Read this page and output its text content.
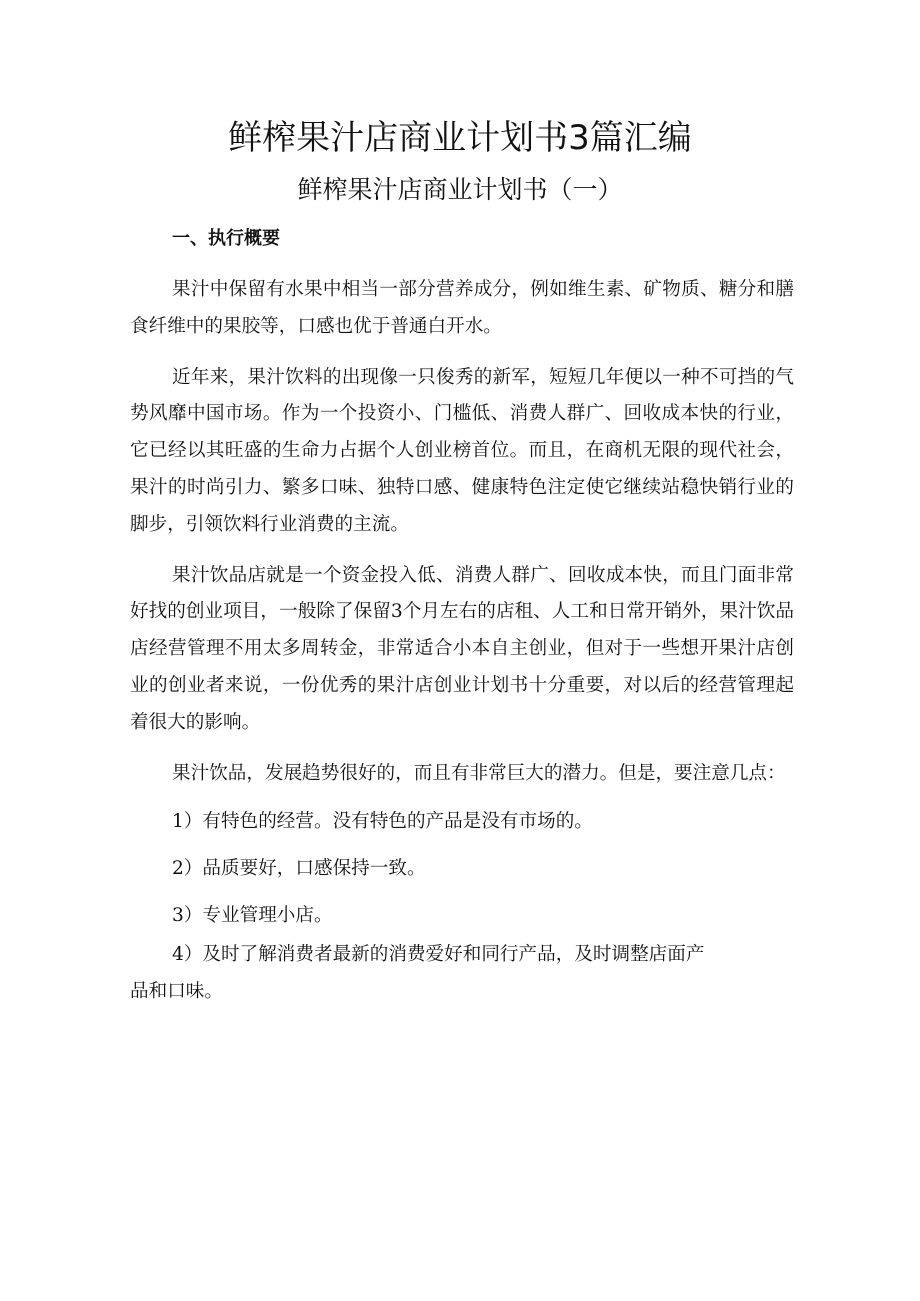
鲜榨果汁店商业计划书3篇汇编
鲜榨果汁店商业计划书（一）

一、执行概要

果汁中保留有水果中相当一部分营养成分，例如维生素、矿物质、糖分和膳食纤维中的果胶等，口感也优于普通白开水。

近年来，果汁饮料的出现像一只俊秀的新军，短短几年便以一种不可挡的气势风靡中国市场。作为一个投资小、门槛低、消费人群广、回收成本快的行业，它已经以其旺盛的生命力占据个人创业榜首位。而且，在商机无限的现代社会，果汁的时尚引力、繁多口味、独特口感、健康特色注定使它继续站稳快销行业的脚步，引领饮料行业消费的主流。

果汁饮品店就是一个资金投入低、消费人群广、回收成本快，而且门面非常好找的创业项目，一般除了保留3个月左右的店租、人工和日常开销外，果汁饮品店经营管理不用太多周转金，非常适合小本自主创业，但对于一些想开果汁店创业的创业者来说，一份优秀的果汁店创业计划书十分重要，对以后的经营管理起着很大的影响。

果汁饮品，发展趋势很好的，而且有非常巨大的潜力。但是，要注意几点：

1）有特色的经营。没有特色的产品是没有市场的。

2）品质要好，口感保持一致。

3）专业管理小店。

4）及时了解消费者最新的消费爱好和同行产品，及时调整店面产

品和口味。
